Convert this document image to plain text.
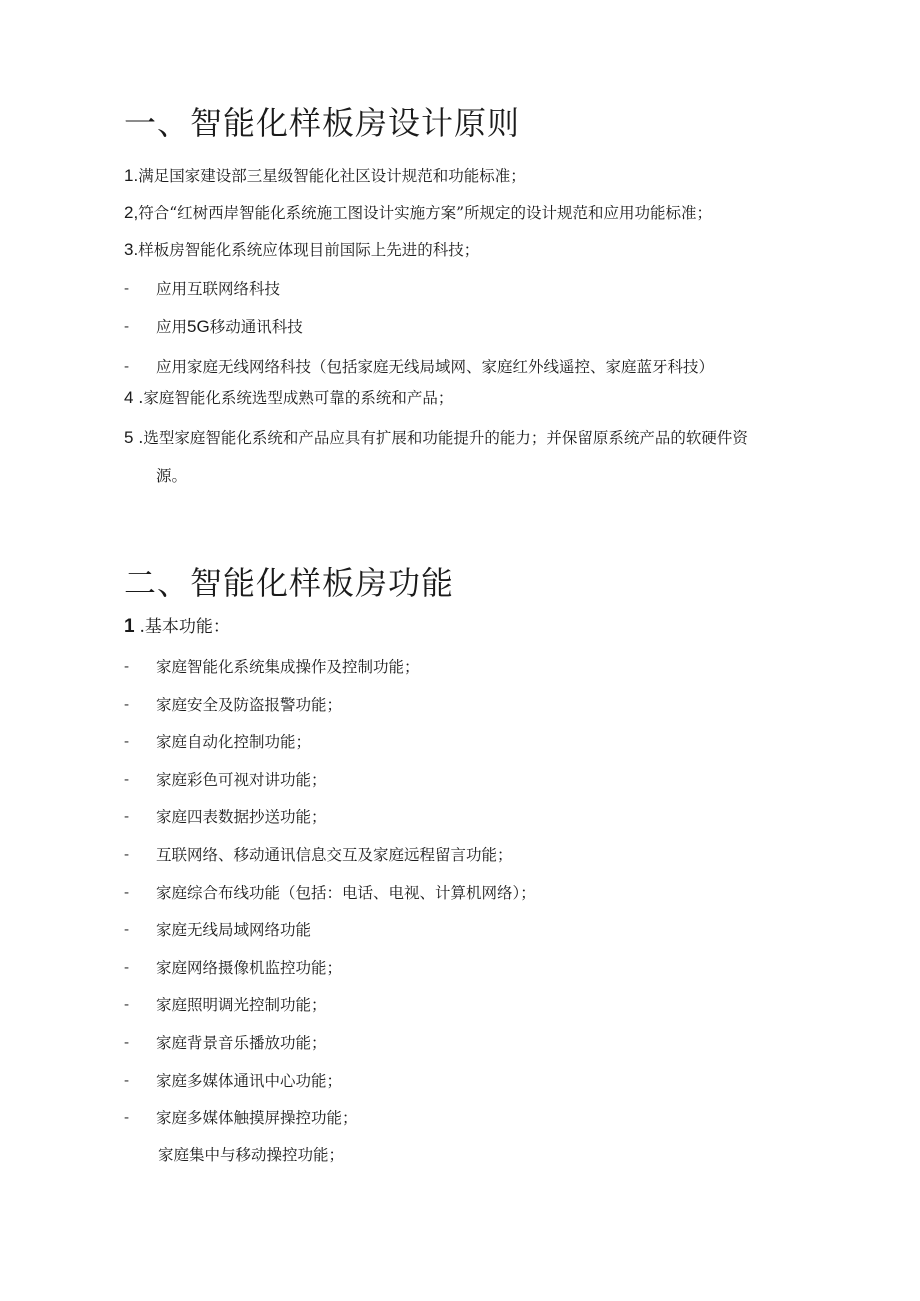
一、智能化样板房设计原则
1.满足国家建设部三星级智能化社区设计规范和功能标准；
2,符合“红树西岸智能化系统施工图设计实施方案”所规定的设计规范和应用功能标准；
3.样板房智能化系统应体现目前国际上先进的科技；
- 应用互联网络科技
- 应用5G移动通讯科技
- 应用家庭无线网络科技（包括家庭无线局域网、家庭红外线遥控、家庭蓝牙科技）
4 .家庭智能化系统选型成熟可靠的系统和产品；
5 .选型家庭智能化系统和产品应具有扩展和功能提升的能力；并保留原系统产品的软硬件资
源。
二、智能化样板房功能
1 .基本功能：
- 家庭智能化系统集成操作及控制功能；
- 家庭安全及防盗报警功能；
- 家庭自动化控制功能；
- 家庭彩色可视对讲功能；
- 家庭四表数据抄送功能；
- 互联网络、移动通讯信息交互及家庭远程留言功能；
- 家庭综合布线功能（包括：电话、电视、计算机网络）；
- 家庭无线局域网络功能
- 家庭网络摄像机监控功能；
- 家庭照明调光控制功能；
- 家庭背景音乐播放功能；
- 家庭多媒体通讯中心功能；
- 家庭多媒体触摸屏操控功能；
家庭集中与移动操控功能；
